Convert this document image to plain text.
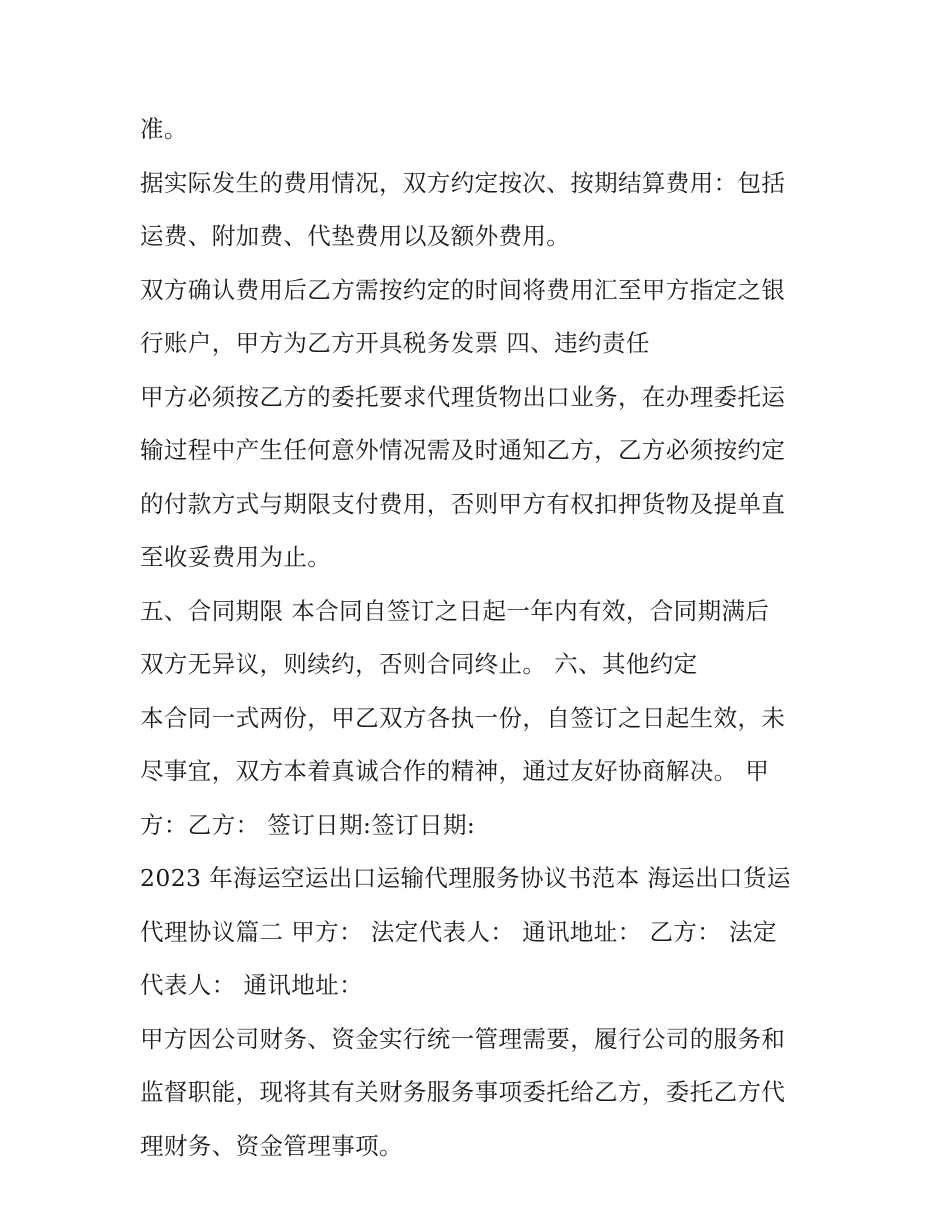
准。
据实际发生的费用情况，双方约定按次、按期结算费用：包括
运费、附加费、代垫费用以及额外费用。
双方确认费用后乙方需按约定的时间将费用汇至甲方指定之银
行账户，甲方为乙方开具税务发票 四、违约责任
甲方必须按乙方的委托要求代理货物出口业务，在办理委托运
输过程中产生任何意外情况需及时通知乙方，乙方必须按约定
的付款方式与期限支付费用，否则甲方有权扣押货物及提单直
至收妥费用为止。
五、合同期限 本合同自签订之日起一年内有效，合同期满后
双方无异议，则续约，否则合同终止。 六、其他约定
本合同一式两份，甲乙双方各执一份，自签订之日起生效，未
尽事宜，双方本着真诚合作的精神，通过友好协商解决。 甲
方：乙方： 签订日期:签订日期:
2023 年海运空运出口运输代理服务协议书范本 海运出口货运
代理协议篇二 甲方： 法定代表人： 通讯地址： 乙方： 法定
代表人： 通讯地址：
甲方因公司财务、资金实行统一管理需要，履行公司的服务和
监督职能，现将其有关财务服务事项委托给乙方，委托乙方代
理财务、资金管理事项。
